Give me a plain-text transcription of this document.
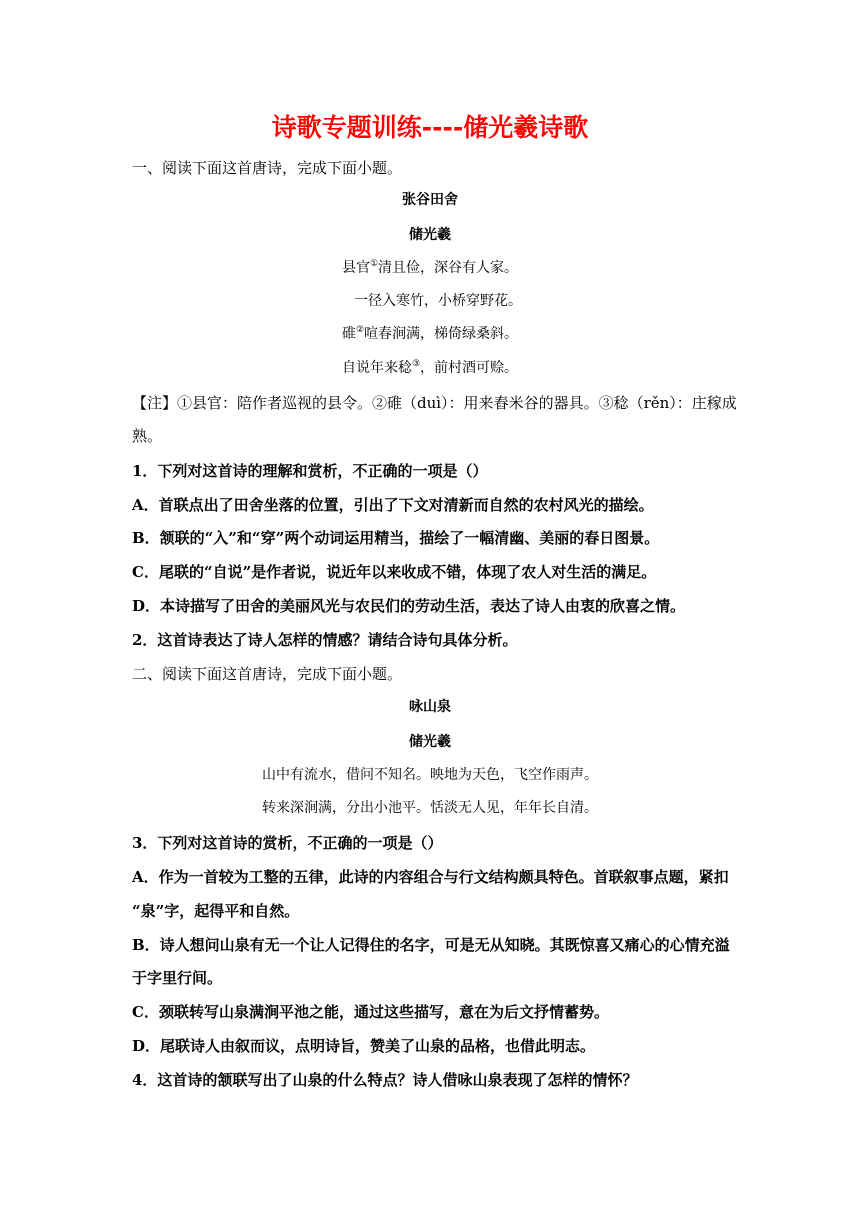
诗歌专题训练----储光羲诗歌
一、阅读下面这首唐诗，完成下面小题。
张谷田舍
储光羲
县官①清且俭，深谷有人家。
一径入寒竹，小桥穿野花。
碓②喧春涧满，梯倚绿桑斜。
自说年来稔③，前村酒可赊。
【注】①县官：陪作者巡视的县令。②碓（duì）：用来舂米谷的器具。③稔（rěn）：庄稼成
熟。
1．下列对这首诗的理解和赏析，不正确的一项是（）
A．首联点出了田舍坐落的位置，引出了下文对清新而自然的农村风光的描绘。
B．颔联的“入”和“穿”两个动词运用精当，描绘了一幅清幽、美丽的春日图景。
C．尾联的“自说”是作者说，说近年以来收成不错，体现了农人对生活的满足。
D．本诗描写了田舍的美丽风光与农民们的劳动生活，表达了诗人由衷的欣喜之情。
2．这首诗表达了诗人怎样的情感？请结合诗句具体分析。
二、阅读下面这首唐诗，完成下面小题。
咏山泉
储光羲
山中有流水，借问不知名。映地为天色，飞空作雨声。
转来深涧满，分出小池平。恬淡无人见，年年长自清。
3．下列对这首诗的赏析，不正确的一项是（）
A．作为一首较为工整的五律，此诗的内容组合与行文结构颇具特色。首联叙事点题，紧扣
“泉”字，起得平和自然。
B．诗人想问山泉有无一个让人记得住的名字，可是无从知晓。其既惊喜又痛心的心情充溢
于字里行间。
C．颈联转写山泉满涧平池之能，通过这些描写，意在为后文抒情蓄势。
D．尾联诗人由叙而议，点明诗旨，赞美了山泉的品格，也借此明志。
4．这首诗的颔联写出了山泉的什么特点？诗人借咏山泉表现了怎样的情怀？
